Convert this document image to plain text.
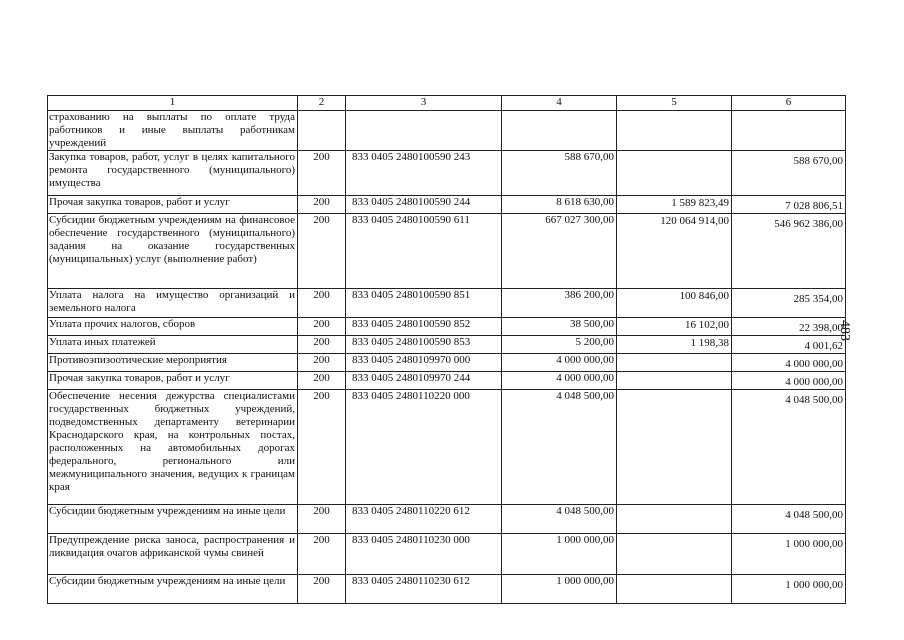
1	2	3	4	5	6

страхованию на выплаты по оплате труда работников и иные выплаты работникам учреждений					

Закупка товаров, работ, услуг в целях капитального ремонта государственного (муниципального) имущества	200	833 0405 2480100590 243	588 670,00		588 670,00

Прочая закупка товаров, работ и услуг	200	833 0405 2480100590 244	8 618 630,00	1 589 823,49	7 028 806,51

Субсидии бюджетным учреждениям на финансовое обеспечение государственного (муниципального) задания на оказание государственных (муниципальных) услуг (выполнение работ)	200	833 0405 2480100590 611	667 027 300,00	120 064 914,00	546 962 386,00

Уплата налога на имущество организаций и земельного налога	200	833 0405 2480100590 851	386 200,00	100 846,00	285 354,00

Уплата прочих налогов, сборов	200	833 0405 2480100590 852	38 500,00	16 102,00	22 398,00

Уплата иных платежей	200	833 0405 2480100590 853	5 200,00	1 198,38	4 001,62

Противоэпизоотические мероприятия	200	833 0405 2480109970 000	4 000 000,00		4 000 000,00

Прочая закупка товаров, работ и услуг	200	833 0405 2480109970 244	4 000 000,00		4 000 000,00

Обеспечение несения дежурства специалистами государственных бюджетных учреждений, подведомственных департаменту ветеринарии Краснодарского края, на контрольных постах, расположенных на автомобильных дорогах федерального, регионального или межмуниципального значения, ведущих к границам края	200	833 0405 2480110220 000	4 048 500,00		4 048 500,00

Субсидии бюджетным учреждениям на иные цели	200	833 0405 2480110220 612	4 048 500,00		4 048 500,00

Предупреждение риска заноса, распространения и ликвидация очагов африканской чумы свиней	200	833 0405 2480110230 000	1 000 000,00		1 000 000,00

Субсидии бюджетным учреждениям на иные цели	200	833 0405 2480110230 612	1 000 000,00		1 000 000,00
483
